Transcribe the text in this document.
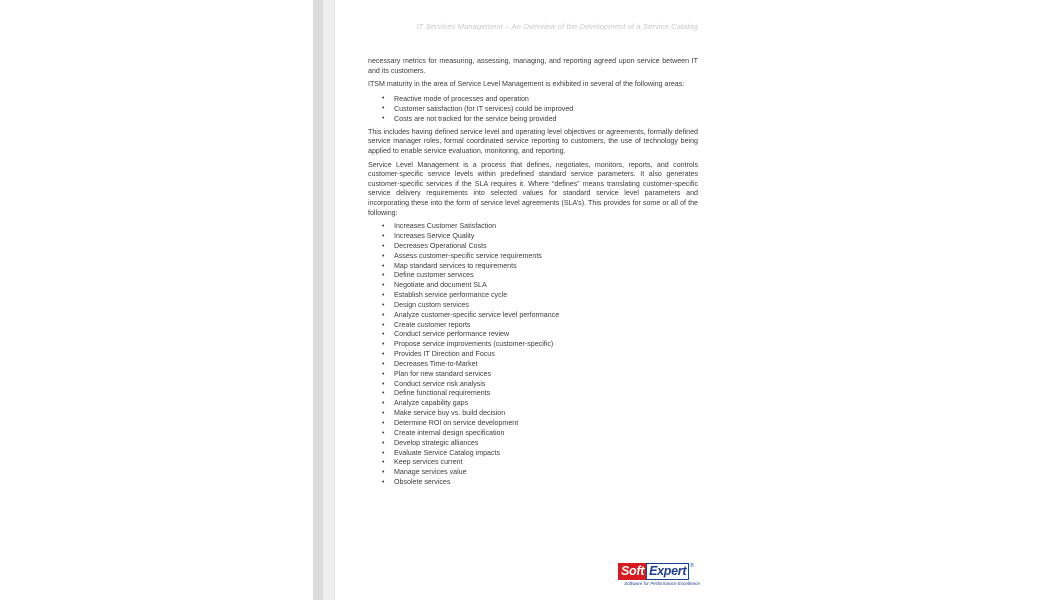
IT Services Management – An Overview of the Development of a Service Catalog

necessary metrics for measuring, assessing, managing, and reporting agreed upon service between IT and its customers.

ITSM maturity in the area of Service Level Management is exhibited in several of the following areas:

• Reactive mode of processes and operation
• Customer satisfaction (for IT services) could be improved
• Costs are not tracked for the service being provided

This includes having defined service level and operating level objectives or agreements, formally defined service manager roles, formal coordinated service reporting to customers, the use of technology being applied to enable service evaluation, monitoring, and reporting.

Service Level Management is a process that defines, negotiates, monitors, reports, and controls customer-specific service levels within predefined standard service parameters. It also generates customer-specific services if the SLA requires it. Where “defines” means translating customer-specific service delivery requirements into selected values for standard service level parameters and incorporating these into the form of service level agreements (SLA’s). This provides for some or all of the following:

• Increases Customer Satisfaction
• Increases Service Quality
• Decreases Operational Costs
• Assess customer-specific service requirements
• Map standard services to requirements
• Define customer services
• Negotiate and document SLA
• Establish service performance cycle
• Design custom services
• Analyze customer-specific service level performance
• Create customer reports
• Conduct service performance review
• Propose service improvements (customer-specific)
• Provides IT Direction and Focus
• Decreases Time-to-Market
• Plan for new standard services
• Conduct service risk analysis
• Define functional requirements
• Analyze capability gaps
• Make service buy vs. build decision
• Determine ROI on service development
• Create internal design specification
• Develop strategic alliances
• Evaluate Service Catalog impacts
• Keep services current
• Manage services value
• Obsolete services
Soft Expert ®
Software for Performance Excellence
